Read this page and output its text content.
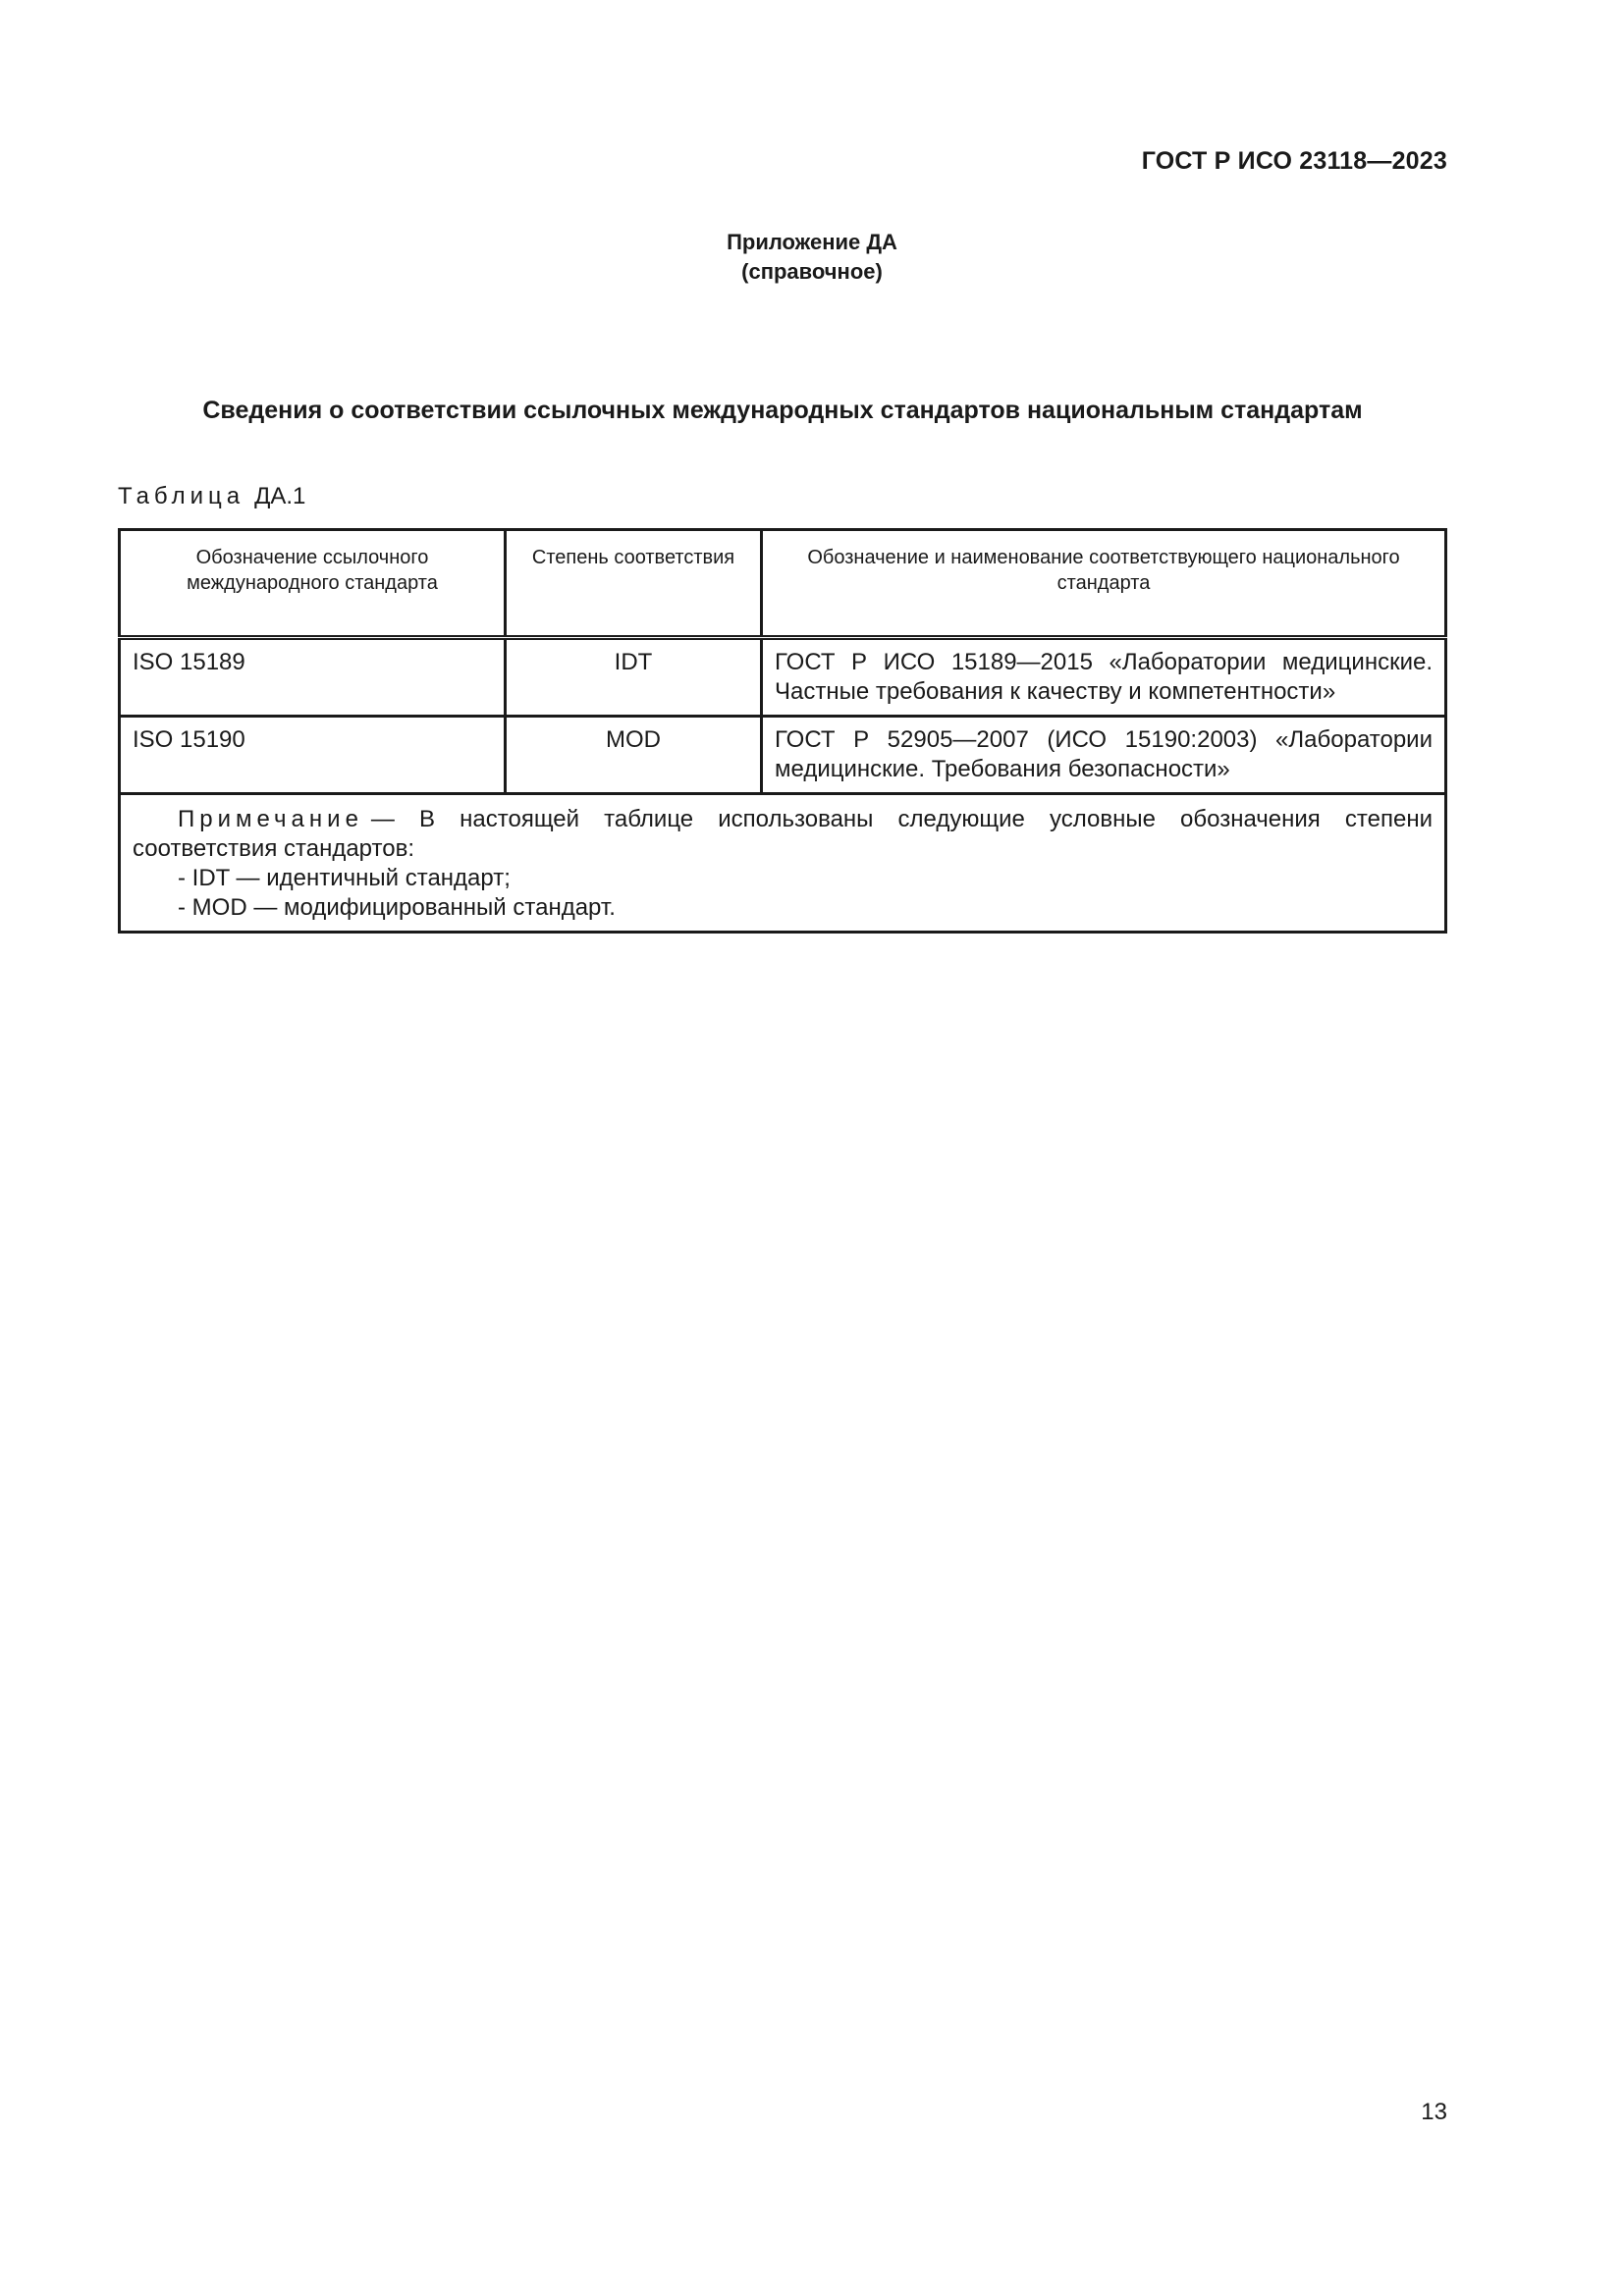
ГОСТ Р ИСО 23118—2023

Приложение ДА
(справочное)

Сведения о соответствии ссылочных международных стандартов национальным стандартам

Таблица ДА.1

Обозначение ссылочного международного стандарта	Степень соответствия	Обозначение и наименование соответствующего национального стандарта
ISO 15189	IDT	ГОСТ Р ИСО 15189—2015 «Лаборатории медицинские. Частные требования к качеству и компетентности»
ISO 15190	MOD	ГОСТ Р 52905—2007 (ИСО 15190:2003) «Лаборатории медицинские. Требования безопасности»

Примечание — В настоящей таблице использованы следующие условные обозначения степени соответствия стандартов:
- IDT — идентичный стандарт;
- MOD — модифицированный стандарт.		

13
